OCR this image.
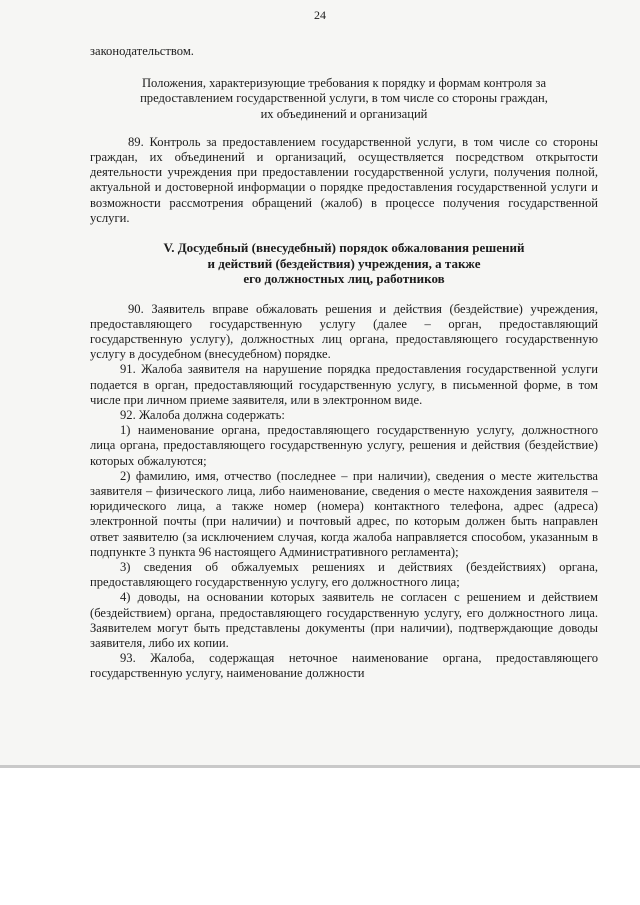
24

законодательством.

Положения, характеризующие требования к порядку и формам контроля за
предоставлением государственной услуги, в том числе со стороны граждан,
их объединений и организаций

89. Контроль за предоставлением государственной услуги, в том числе со стороны граждан, их объединений и организаций, осуществляется посредством открытости деятельности учреждения при предоставлении государственной услуги, получения полной, актуальной и достоверной информации о порядке предоставления государственной услуги и возможности рассмотрения обращений (жалоб) в процессе получения государственной услуги.

V. Досудебный (внесудебный) порядок обжалования решений
и действий (бездействия) учреждения, а также
его должностных лиц, работников

90. Заявитель вправе обжаловать решения и действия (бездействие) учреждения, предоставляющего государственную услугу (далее – орган, предоставляющий государственную услугу), должностных лиц органа, предоставляющего государственную услугу в досудебном (внесудебном) порядке.

91. Жалоба заявителя на нарушение порядка предоставления государственной услуги подается в орган, предоставляющий государственную услугу, в письменной форме, в том числе при личном приеме заявителя, или в электронном виде.

92. Жалоба должна содержать:

1) наименование органа, предоставляющего государственную услугу, должностного лица органа, предоставляющего государственную услугу, решения и действия (бездействие) которых обжалуются;

2) фамилию, имя, отчество (последнее – при наличии), сведения о месте жительства заявителя – физического лица, либо наименование, сведения о месте нахождения заявителя – юридического лица, а также номер (номера) контактного телефона, адрес (адреса) электронной почты (при наличии) и почтовый адрес, по которым должен быть направлен ответ заявителю (за исключением случая, когда жалоба направляется способом, указанным в подпункте 3 пункта 96 настоящего Административного регламента);

3) сведения об обжалуемых решениях и действиях (бездействиях) органа, предоставляющего государственную услугу, его должностного лица;

4) доводы, на основании которых заявитель не согласен с решением и действием (бездействием) органа, предоставляющего государственную услугу, его должностного лица. Заявителем могут быть представлены документы (при наличии), подтверждающие доводы заявителя, либо их копии.

93. Жалоба, содержащая неточное наименование органа, предоставляющего государственную услугу, наименование должности
